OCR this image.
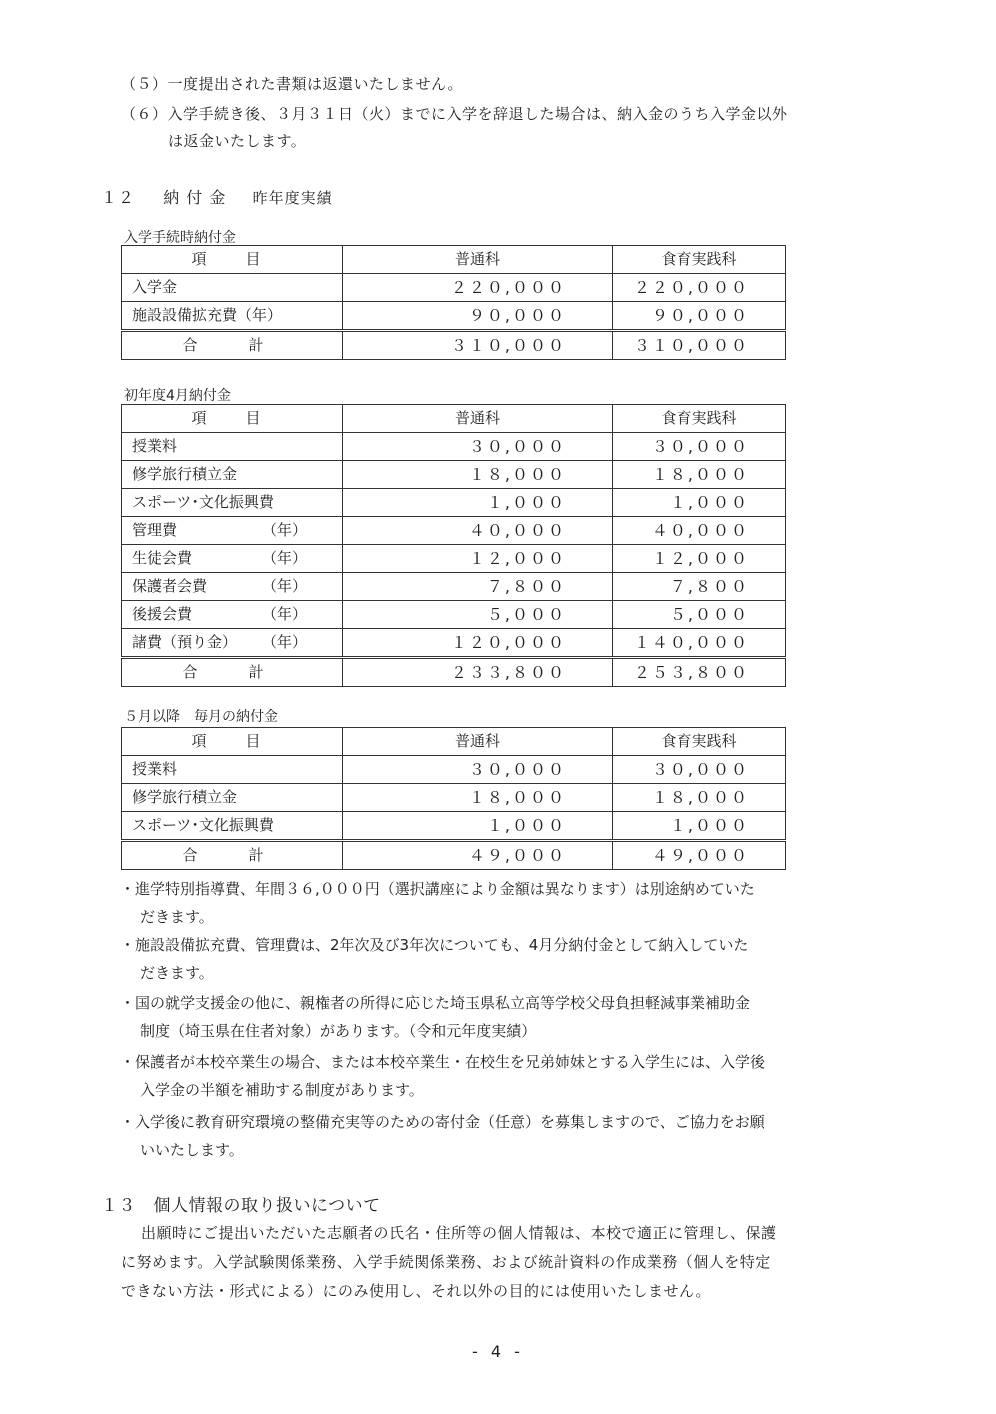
（５）一度提出された書類は返還いたしません。
（６）入学手続き後、３月３１日（火）までに入学を辞退した場合は、納入金のうち入学金以外
は返金いたします。
１２ 納 付 金 昨年度実績
入学手続時納付金
項　目	普通科	食育実践科
入学金	２２０,０００	２２０,０００
施設設備拡充費（年）	９０,０００	９０,０００
合　計	３１０,０００	３１０,０００
初年度4月納付金
項　目	普通科	食育実践科
授業料	３０,０００	３０,０００
修学旅行積立金	１８,０００	１８,０００
スポーツ･文化振興費	１,０００	１,０００
管理費 （年）	４０,０００	４０,０００
生徒会費 （年）	１２,０００	１２,０００
保護者会費 （年）	７,８００	７,８００
後援会費 （年）	５,０００	５,０００
諸費（預り金） （年）	１２０,０００	１４０,０００
合　計	２３３,８００	２５３,８００
５月以降　毎月の納付金
項　目	普通科	食育実践科
授業料	３０,０００	３０,０００
修学旅行積立金	１８,０００	１８,０００
スポーツ･文化振興費	１,０００	１,０００
合　計	４９,０００	４９,０００
・進学特別指導費、年間３６,０００円（選択講座により金額は異なります）は別途納めていた
だきます。
・施設設備拡充費、管理費は、2年次及び3年次についても、4月分納付金として納入していた
だきます。
・国の就学支援金の他に、親権者の所得に応じた埼玉県私立高等学校父母負担軽減事業補助金
制度（埼玉県在住者対象）があります。（令和元年度実績）
・保護者が本校卒業生の場合、または本校卒業生・在校生を兄弟姉妹とする入学生には、入学後
入学金の半額を補助する制度があります。
・入学後に教育研究環境の整備充実等のための寄付金（任意）を募集しますので、ご協力をお願
いいたします。
１３　個人情報の取り扱いについて
出願時にご提出いただいた志願者の氏名・住所等の個人情報は、本校で適正に管理し、保護
に努めます。入学試験関係業務、入学手続関係業務、および統計資料の作成業務（個人を特定
できない方法・形式による）にのみ使用し、それ以外の目的には使用いたしません。
- 4 -
